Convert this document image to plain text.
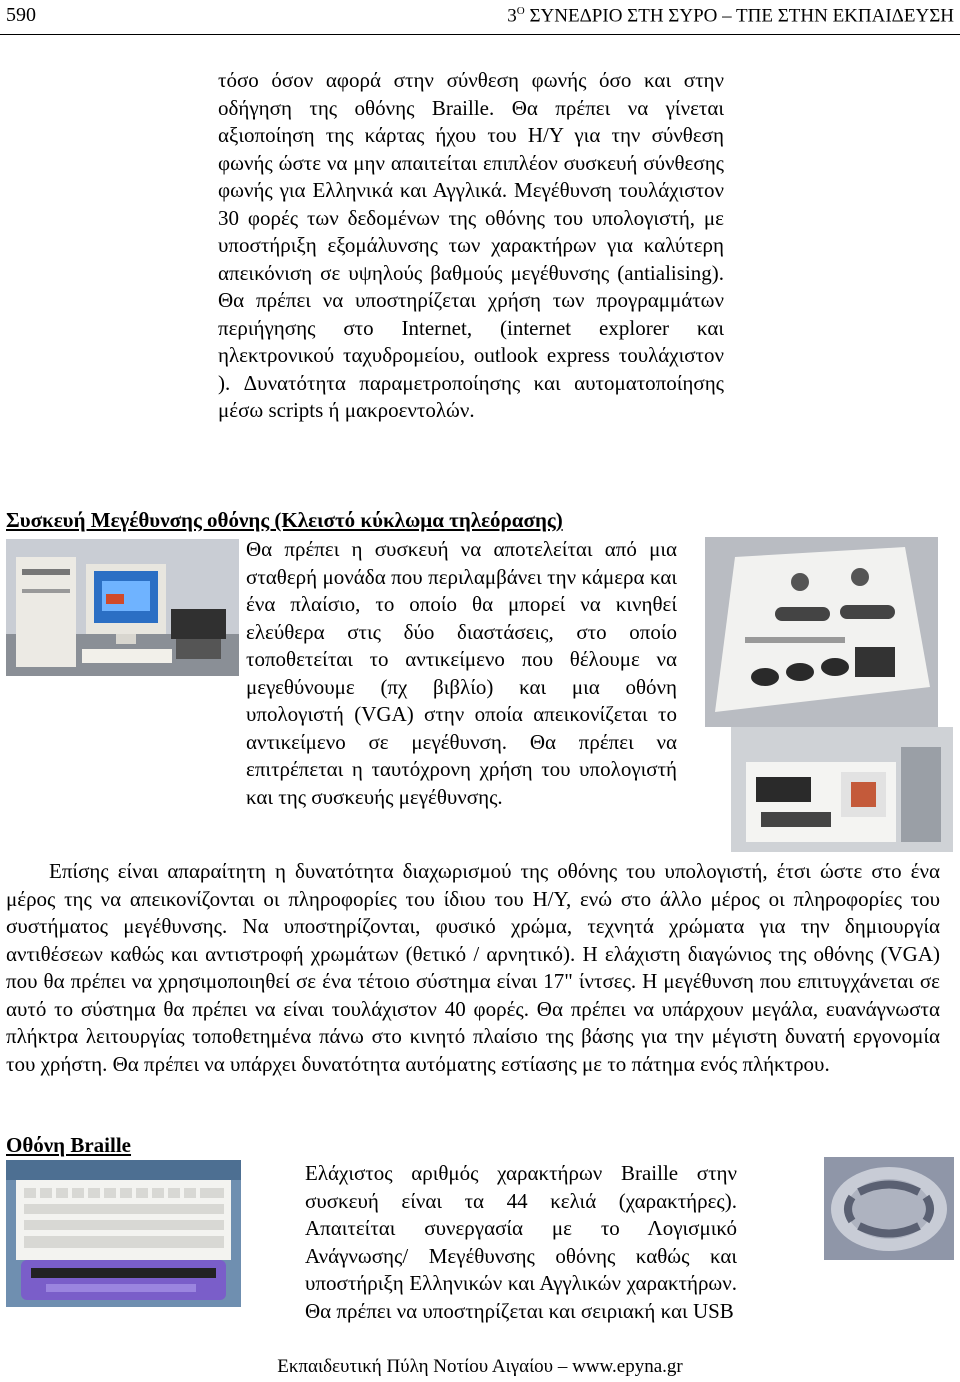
590	$3^O$ ΣΥΝΕΔΡΙΟ ΣΤΗ ΣΥΡΟ – ΤΠΕ ΣΤΗΝ ΕΚΠΑΙΔΕΥΣΗ
τόσο όσον αφορά στην σύνθεση φωνής όσο και στην οδήγηση της οθόνης Braille. Θα πρέπει να γίνεται αξιοποίηση της κάρτας ήχου του Η/Υ για την σύνθεση φωνής ώστε να μην απαιτείται επιπλέον συσκευή σύνθεσης φωνής για Ελληνικά και Αγγλικά. Μεγέθυνση τουλάχιστον 30 φορές των δεδομένων της οθόνης του υπολογιστή, με υποστήριξη εξομάλυνσης των χαρακτήρων για καλύτερη απεικόνιση σε υψηλούς βαθμούς μεγέθυνσης (antialising). Θα πρέπει να υποστηρίζεται χρήση των προγραμμάτων περιήγησης στο Internet, (internet explorer και ηλεκτρονικού ταχυδρομείου, outlook express τουλάχιστον ). Δυνατότητα παραμετροποίησης και αυτοματοποίησης μέσω scripts ή μακροεντολών.
Συσκευή Μεγέθυνσης οθόνης (Κλειστό κύκλωμα τηλεόρασης)
Θα πρέπει η συσκευή να αποτελείται από μια σταθερή μονάδα που περιλαμβάνει την κάμερα και ένα πλαίσιο, το οποίο θα μπορεί να κινηθεί ελεύθερα στις δύο διαστάσεις, στο οποίο τοποθετείται το αντικείμενο που θέλουμε να μεγεθύνουμε (πχ βιβλίο) και μια οθόνη υπολογιστή (VGA) στην οποία απεικονίζεται το αντικείμενο σε μεγέθυνση. Θα πρέπει να επιτρέπεται η ταυτόχρονη χρήση του υπολογιστή και της συσκευής μεγέθυνσης.
Επίσης είναι απαραίτητη η δυνατότητα διαχωρισμού της οθόνης του υπολογιστή, έτσι ώστε στο ένα μέρος της να απεικονίζονται οι πληροφορίες του ίδιου του Η/Υ, ενώ στο άλλο μέρος οι πληροφορίες του συστήματος μεγέθυνσης. Να υποστηρίζονται, φυσικό χρώμα, τεχνητά χρώματα για την δημιουργία αντιθέσεων καθώς και αντιστροφή χρωμάτων (θετικό / αρνητικό). Η ελάχιστη διαγώνιος της οθόνης (VGA) που θα πρέπει να χρησιμοποιηθεί σε ένα τέτοιο σύστημα είναι 17" ίντσες. Η μεγέθυνση που επιτυγχάνεται σε αυτό το σύστημα θα πρέπει να είναι τουλάχιστον 40 φορές. Θα πρέπει να υπάρχουν μεγάλα, ευανάγνωστα πλήκτρα λειτουργίας τοποθετημένα πάνω στο κινητό πλαίσιο της βάσης για την μέγιστη δυνατή εργονομία του χρήστη. Θα πρέπει να υπάρχει δυνατότητα αυτόματης εστίασης με το πάτημα ενός πλήκτρου.
Οθόνη Braille
Ελάχιστος αριθμός χαρακτήρων Braille στην συσκευή είναι τα 44 κελιά (χαρακτήρες). Απαιτείται συνεργασία με το Λογισμικό Ανάγνωσης/ Μεγέθυνσης οθόνης καθώς και υποστήριξη Ελληνικών και Αγγλικών χαρακτήρων. Θα πρέπει να υποστηρίζεται και σειριακή και USB
Εκπαιδευτική Πύλη Νοτίου Αιγαίου – www.epyna.gr
